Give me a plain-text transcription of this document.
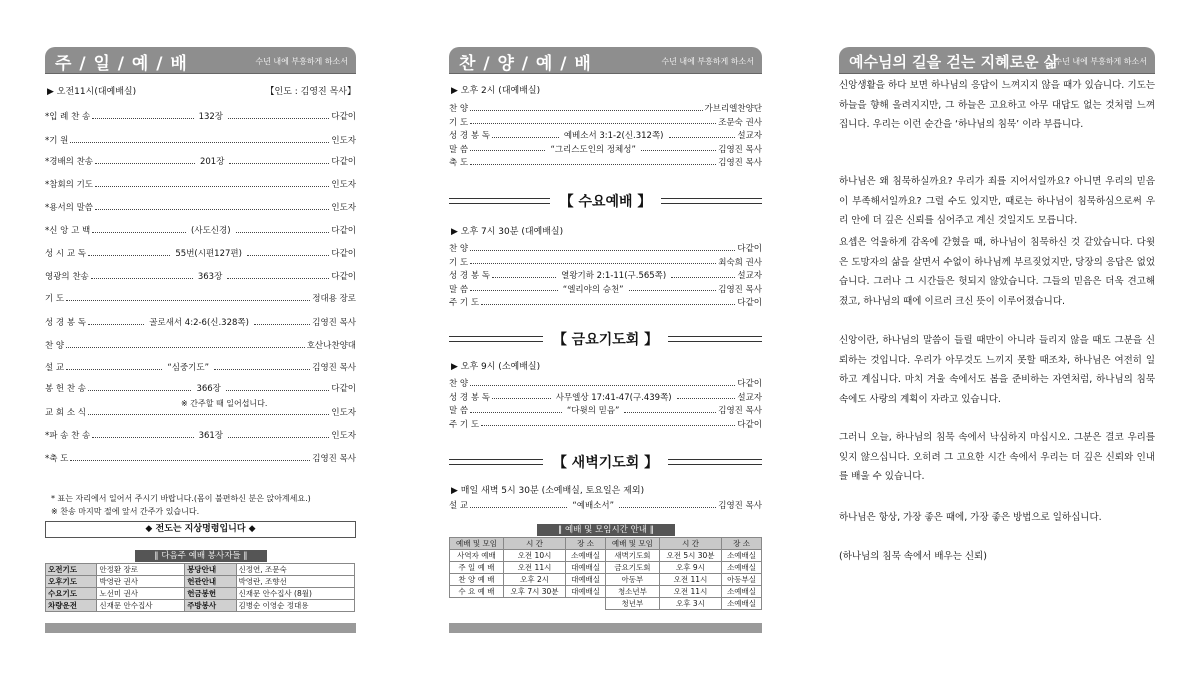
주 / 일 / 예 / 배	수년 내에 부흥하게 하소서
▶ 오전11시(대예배실)	【인도 : 김영진 목사】
*입 례 찬 송	132장	다같이
*기 원	인도자
*경배의 찬송	201장	다같이
*참회의 기도	인도자
*용서의 말씀	인도자
*신 앙 고 백	(사도신경)	다같이
성 시 교 독	55번(시편127편)	다같이
영광의 찬송	363장	다같이
기 도	정대용 장로
성 경 봉 독	골로새서 4:2-6(신.328쪽)	김영진 목사
찬 양	호산나찬양대
설 교	“심중기도”	김영진 목사
봉 헌 찬 송	366장	다같이
교 회 소 식	인도자
*파 송 찬 송	361장	인도자
*축 도	김영진 목사
※ 간주할 때 일어섭니다.
* 표는 자리에서 일어서 주시기 바랍니다.(몸이 불편하신 분은 앉아계세요.)
※ 찬송 마지막 절에 앞서 간주가 있습니다.
◆ 전도는 지상명령입니다 ◆
∥ 다음주 예배 봉사자들 ∥
오전기도	안정환 장로	봉당안내	신정연, 조문숙
오후기도	박영란 권사	헌관안내	박영란, 조향선
수요기도	노선미 권사	헌금봉헌	신재문 안수집사 (8월)
차량운전	신재문 안수집사	주방봉사	김병순 이영순 정대용
찬 / 양 / 예 / 배	수년 내에 부흥하게 하소서
▶ 오후 2시 (대예배실)
찬 양	가브리엘찬양단
기 도	조문숙 권사
성 경 봉 독	예베소서 3:1-2(신.312쪽)	설교자
말 씀	“그리스도인의 정체성”	김영진 목사
축 도	김영진 목사
【 수요예배 】
▶ 오후 7시 30분 (대예배실)
찬 양	다같이
기 도	최숙희 권사
성 경 봉 독	열왕기하 2:1-11(구.565쪽)	설교자
말 씀	“엘리야의 승천”	김영진 목사
주 기 도	다같이
【 금요기도회 】
▶ 오후 9시 (소예배실)
찬 양	다같이
성 경 봉 독	사무엘상 17:41-47(구.439쪽)	설교자
말 씀	“다윗의 믿음”	김영진 목사
주 기 도	다같이
【 새벽기도회 】
▶ 매일 새벽 5시 30분 (소예배실, 토요일은 제외)
설 교	“예배소서”	김영진 목사
∥ 예배 및 모임시간 안내 ∥
예배 및 모임	시 간	장 소	예배 및 모임	시 간	장 소
사역자 예배	오전 10시	소예배실	새벽기도회	오전 5시 30분	소예배실
주 일 예 배	오전 11시	대예배실	금요기도회	오후 9시	소예배실
찬 양 예 배	오후 2시	대예배실	아동부	오전 11시	아동부실
수 요 예 배	오후 7시 30분	대예배실	청소년부	오전 11시	소예배실
			청년부	오후 3시	소예배실
예수님의 길을 걷는 지혜로운 삶
수년 내에 부흥하게 하소서
신앙생활을 하다 보면 하나님의 응답이 느껴지지 않을 때가 있습니다. 기도는 하늘을 향해 올려지지만, 그 하늘은 고요하고 아무 대답도 없는 것처럼 느껴집니다. 우리는 이런 순간을 ‘하나님의 침묵’ 이라 부릅니다.
하나님은 왜 침묵하실까요? 우리가 죄를 지어서일까요? 아니면 우리의 믿음이 부족해서일까요? 그럴 수도 있지만, 때로는 하나님이 침묵하심으로써 우리 안에 더 깊은 신뢰를 심어주고 계신 것일지도 모릅니다.
요셉은 억울하게 감옥에 갇혔을 때, 하나님이 침묵하신 것 같았습니다. 다윗은 도망자의 삶을 살면서 수없이 하나님께 부르짖었지만, 당장의 응답은 없었습니다. 그러나 그 시간들은 헛되지 않았습니다. 그들의 믿음은 더욱 견고해졌고, 하나님의 때에 이르러 크신 뜻이 이루어졌습니다.
신앙이란, 하나님의 말씀이 들릴 때만이 아니라 들리지 않을 때도 그분을 신뢰하는 것입니다. 우리가 아무것도 느끼지 못할 때조차, 하나님은 여전히 일하고 계십니다. 마치 겨울 속에서도 봄을 준비하는 자연처럼, 하나님의 침묵 속에도 사랑의 계획이 자라고 있습니다.
그러니 오늘, 하나님의 침묵 속에서 낙심하지 마십시오. 그분은 결코 우리를 잊지 않으십니다. 오히려 그 고요한 시간 속에서 우리는 더 깊은 신뢰와 인내를 배울 수 있습니다.
하나님은 항상, 가장 좋은 때에, 가장 좋은 방법으로 일하십니다.
(하나님의 침묵 속에서 배우는 신뢰)
